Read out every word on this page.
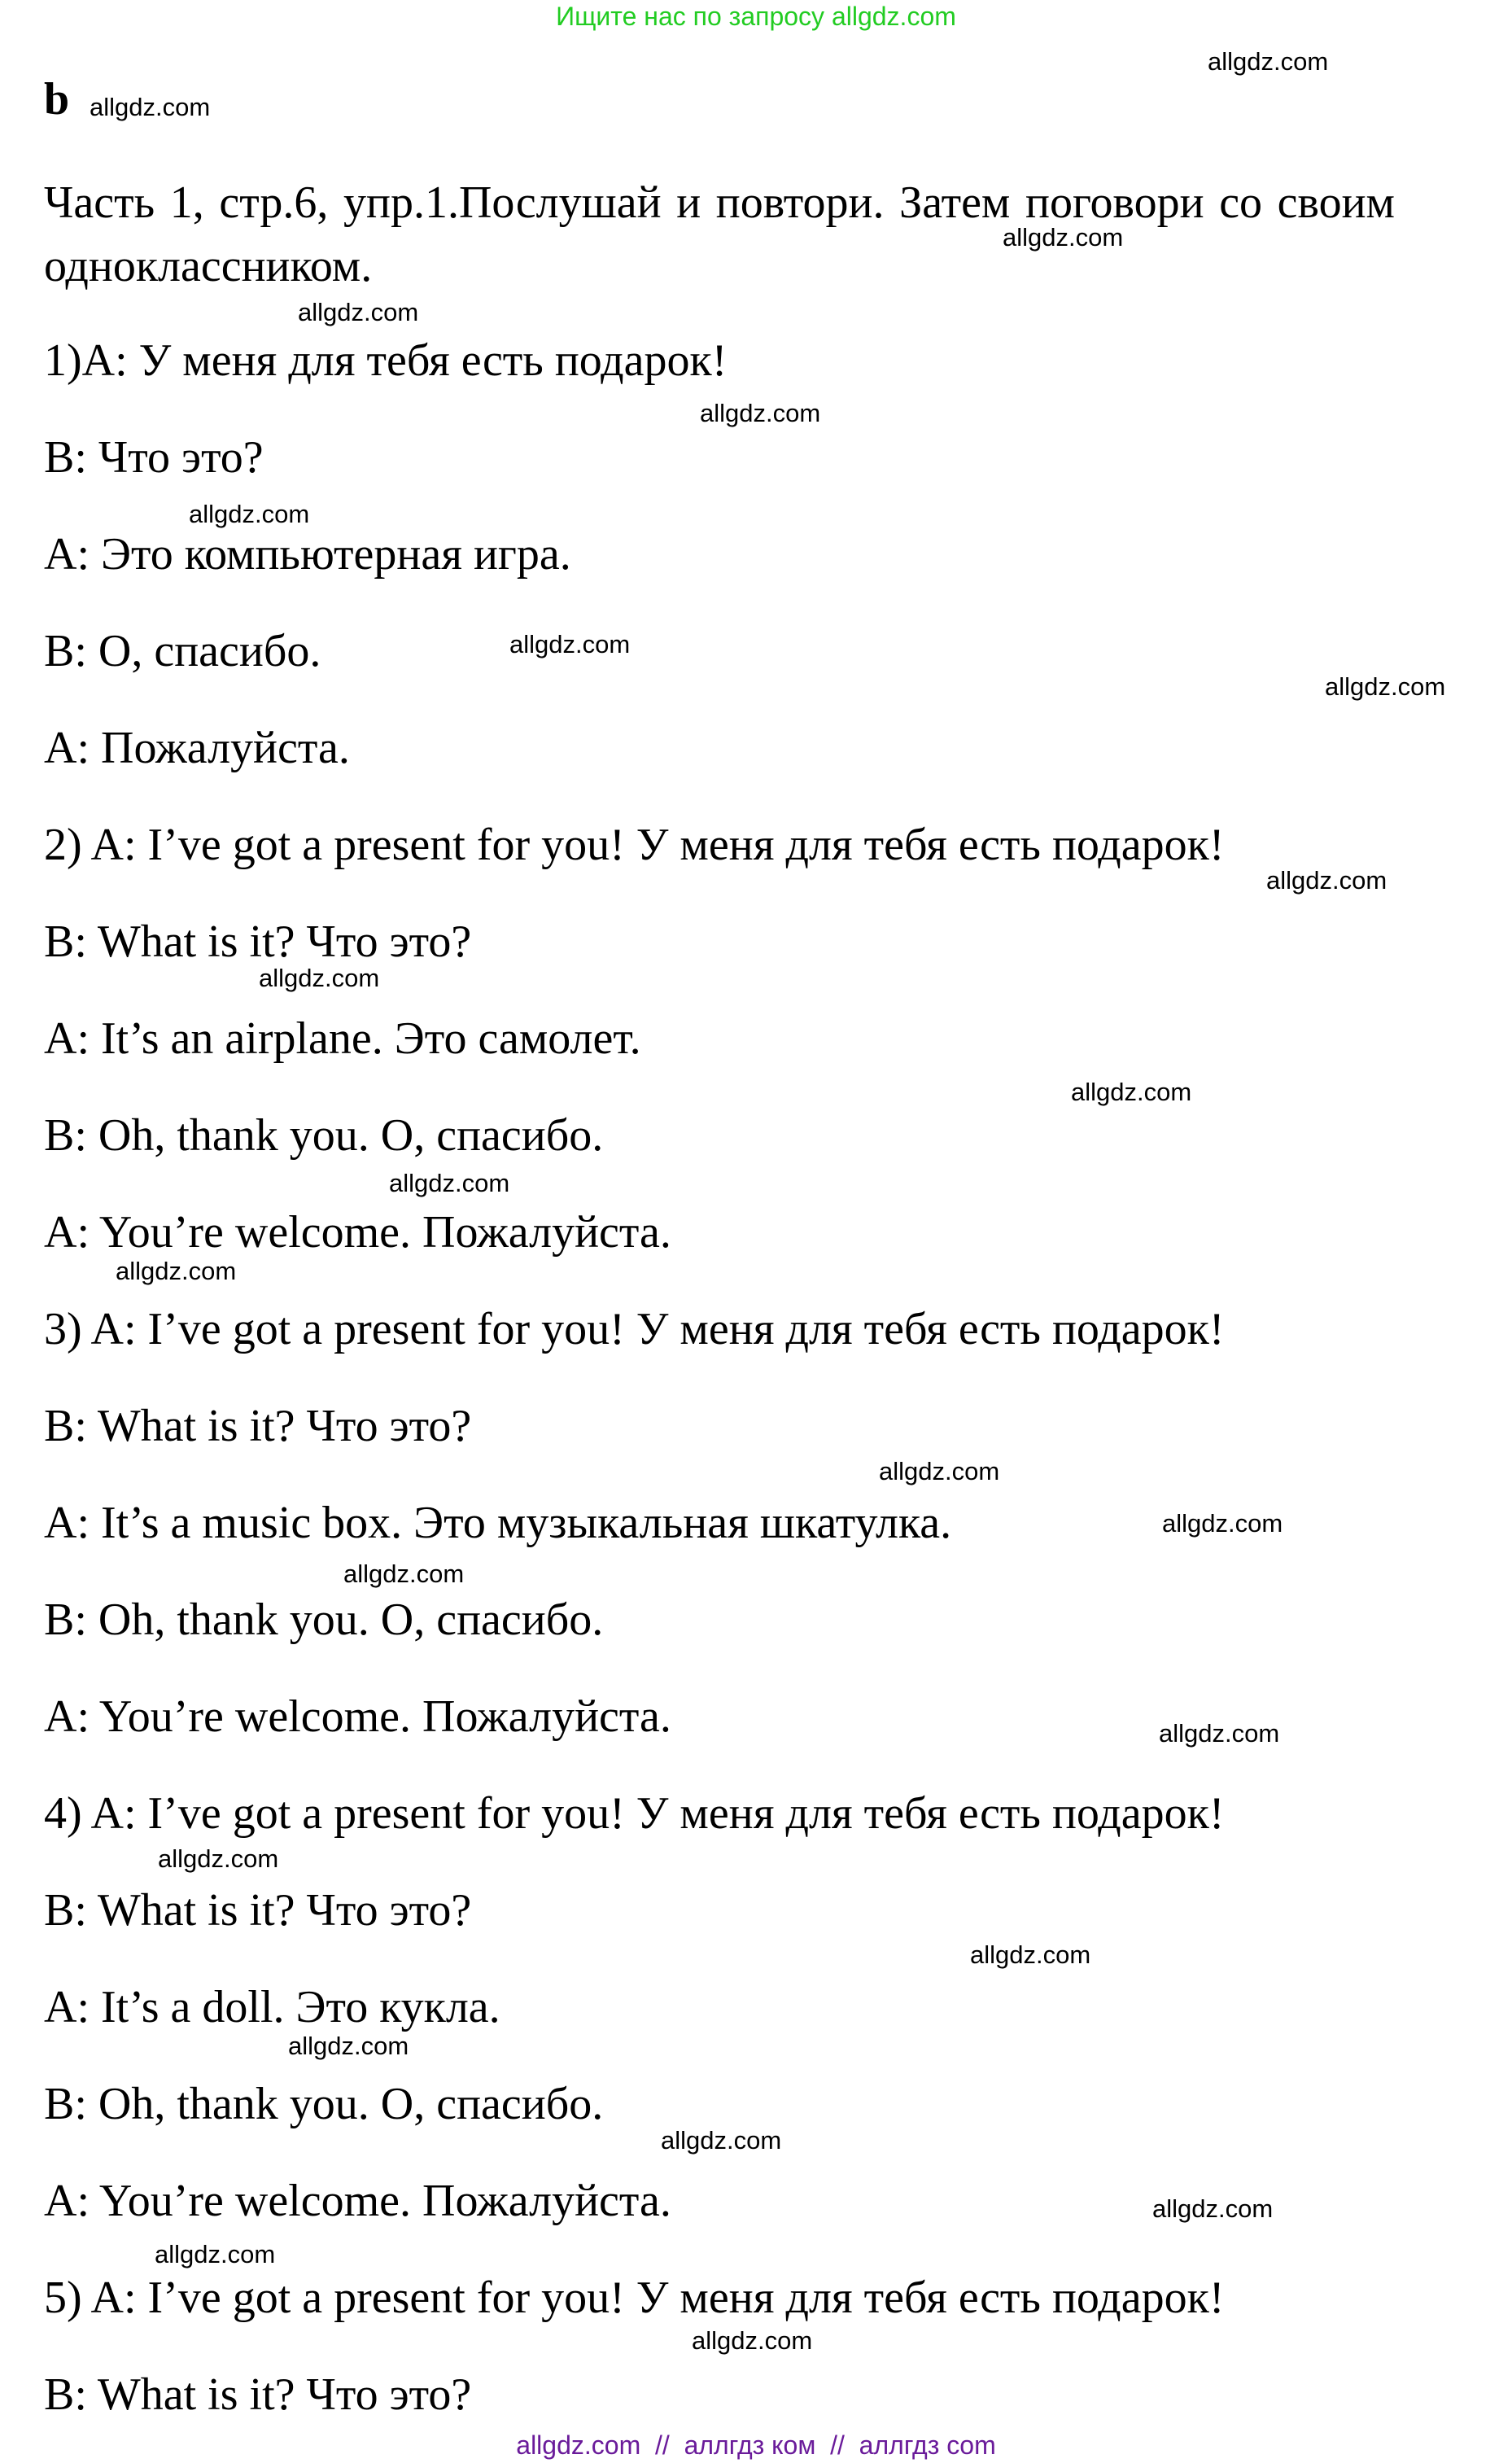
Ищите нас по запросу allgdz.com
b

Часть 1, стр.6, упр.1.Послушай и повтори. Затем поговори со своим одноклассником.

1)A: У меня для тебя есть подарок!
B: Что это?
A: Это компьютерная игра.
B: О, спасибо.
A: Пожалуйста.
2) A: I’ve got a present for you! У меня для тебя есть подарок!
B: What is it? Что это?
A: It’s an airplane. Это самолет.
B: Oh, thank you. О, спасибо.
A: You’re welcome. Пожалуйста.
3) A: I’ve got a present for you! У меня для тебя есть подарок!
B: What is it? Что это?
A: It’s a music box. Это музыкальная шкатулка.
B: Oh, thank you. О, спасибо.
A: You’re welcome. Пожалуйста.
4) A: I’ve got a present for you! У меня для тебя есть подарок!
B: What is it? Что это?
A: It’s a doll. Это кукла.
B: Oh, thank you. О, спасибо.
A: You’re welcome. Пожалуйста.
5) A: I’ve got a present for you! У меня для тебя есть подарок!
B: What is it? Что это?
allgdz.com
allgdz.com
allgdz.com
allgdz.com
allgdz.com
allgdz.com
allgdz.com
allgdz.com
allgdz.com
allgdz.com
allgdz.com
allgdz.com
allgdz.com
allgdz.com
allgdz.com
allgdz.com
allgdz.com
allgdz.com
allgdz.com
allgdz.com
allgdz.com
allgdz.com
allgdz.com
allgdz.com
allgdz.com // аллгдз ком // аллгдз com
